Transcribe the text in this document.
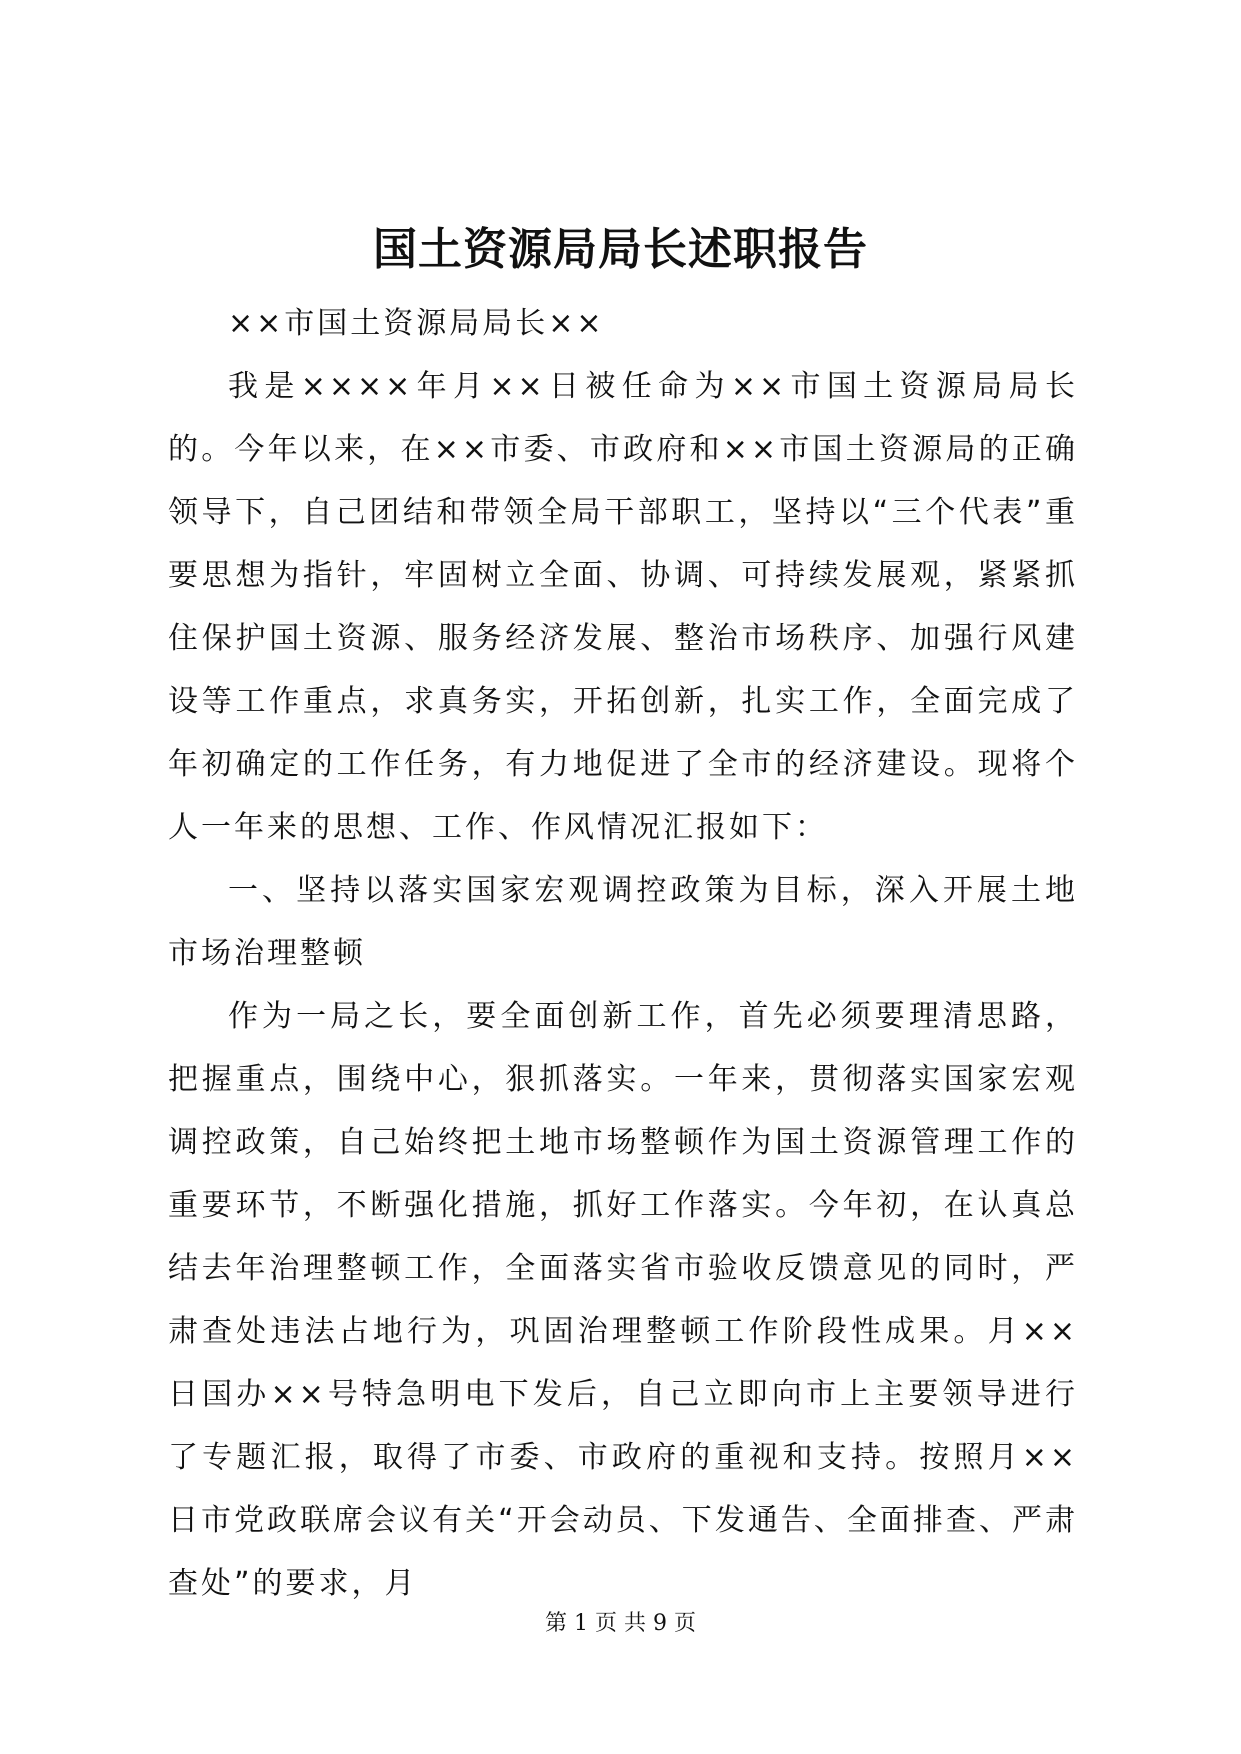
国土资源局局长述职报告

××市国土资源局局长××

我是××××年月××日被任命为××市国土资源局局长的。今年以来，在××市委、市政府和××市国土资源局的正确领导下，自己团结和带领全局干部职工，坚持以“三个代表”重要思想为指针，牢固树立全面、协调、可持续发展观，紧紧抓住保护国土资源、服务经济发展、整治市场秩序、加强行风建设等工作重点，求真务实，开拓创新，扎实工作，全面完成了年初确定的工作任务，有力地促进了全市的经济建设。现将个人一年来的思想、工作、作风情况汇报如下：

一、坚持以落实国家宏观调控政策为目标，深入开展土地市场治理整顿

作为一局之长，要全面创新工作，首先必须要理清思路，把握重点，围绕中心，狠抓落实。一年来，贯彻落实国家宏观调控政策，自己始终把土地市场整顿作为国土资源管理工作的重要环节，不断强化措施，抓好工作落实。今年初，在认真总结去年治理整顿工作，全面落实省市验收反馈意见的同时，严肃查处违法占地行为，巩固治理整顿工作阶段性成果。月××日国办××号特急明电下发后，自己立即向市上主要领导进行了专题汇报，取得了市委、市政府的重视和支持。按照月××日市党政联席会议有关“开会动员、下发通告、全面排查、严肃查处”的要求，月

第 1 页 共 9 页
